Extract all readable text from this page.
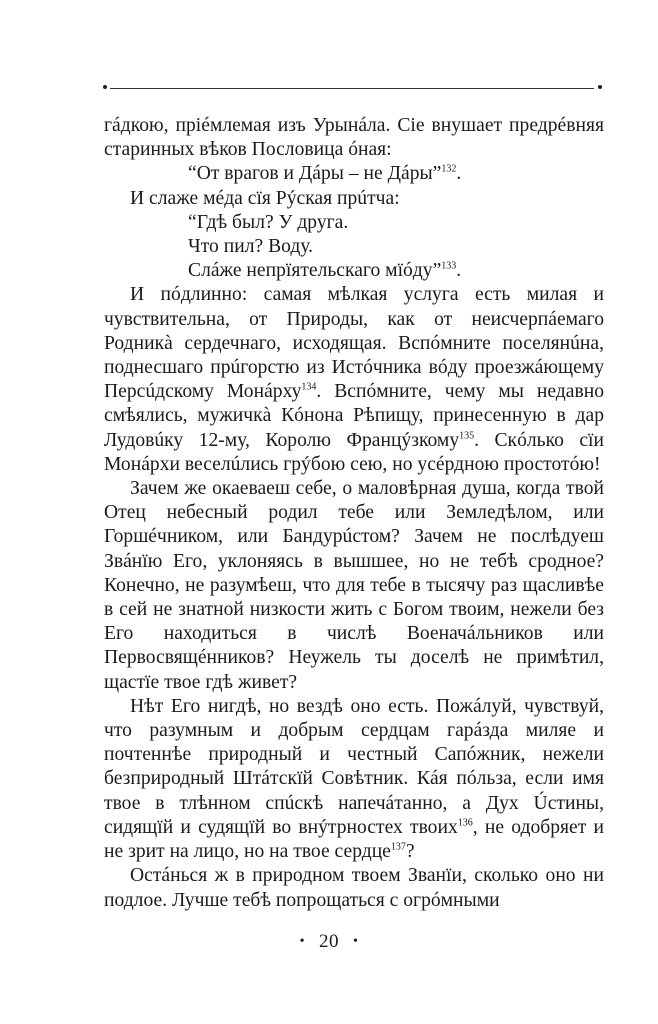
гáдкою, пріéмлемая изъ Урынáла. Сіе внушает предрéвняя старинных вѣков Пословица óная:

“От врагов и Дáры – не Дáры”$^{132}$.

И слаже мéда сїя Рýская прúтча:

“Гдѣ был? У друга.

Что пил? Воду.

Слáже непрїятельскаго мїóду”$^{133}$.

И пóдлинно: самая мѣлкая услуга есть милая и чувствительна, от Природы, как от неисчерпáемаго Родникà сердечнаго, исходящая. Вспóмните поселянúна, поднесшаго прúгорстю из Истóчника вóду проезжáющему Персúдскому Монáрху$^{134}$. Вспóмните, чему мы недавно смѣялись, мужичкà Кóнона Рѣпищу, принесенную в дар Лудовúку 12-му, Королю Францýзкому$^{135}$. Скóлько сїи Монáрхи веселúлись грýбою сею, но усéрдною простотóю!

Зачем же окаеваеш себе, о маловѣрная душа, когда твой Отец небесный родил тебе или Земледѣлом, или Горшéчником, или Бандурúстом? Зачем не послѣдуеш Звáнїю Его, уклоняясь в вышшее, но не тебѣ сродное? Конечно, не разумѣеш, что для тебе в тысячу раз щасливѣе в сей не знатной низкости жить с Богом твоим, нежели без Его находиться в числѣ Военачáльников или Первосвящéнников? Неужель ты доселѣ не примѣтил, щастїе твое гдѣ живет?

Нѣт Его нигдѣ, но вездѣ оно есть. Пожáлуй, чувствуй, что разумным и добрым сердцам гарáзда миляе и почтеннѣе природный и честный Сапóжник, нежели безприродный Штáтскїй Совѣтник. Кáя пóльза, если имя твое в тлѣнном спúскѣ напечáтанно, а Дух Úстины, сидящїй и судящїй во внýтрностех твоих$^{136}$, не одобряет и не зрит на лицо, но на твое сердце$^{137}$?

Остáнься ж в природном твоем Званїи, сколько оно ни подлое. Лучше тебѣ попрощаться с огрóмными

• 20 •
